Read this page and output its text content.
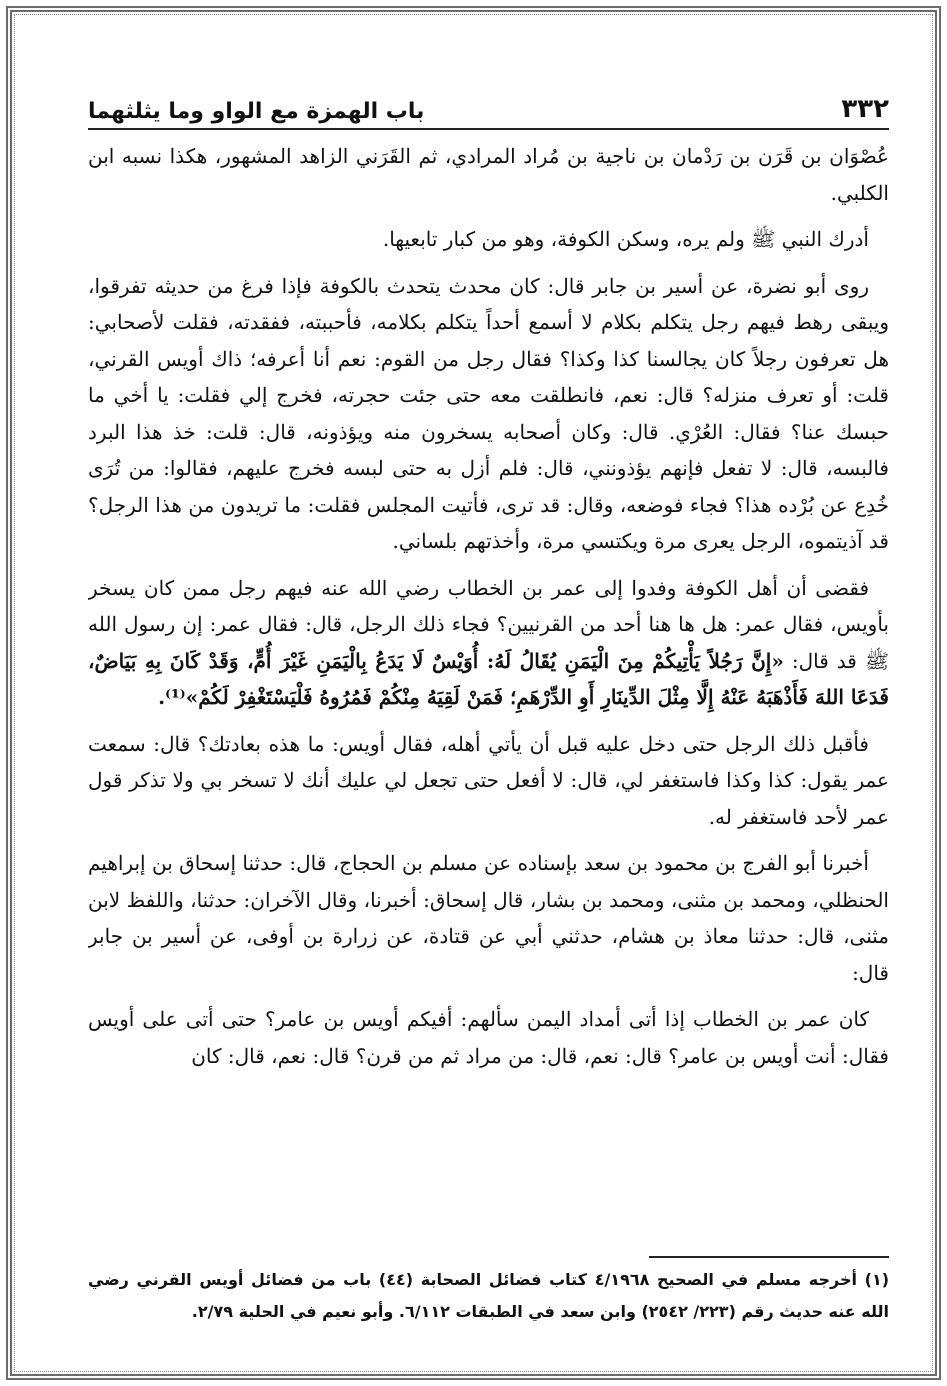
٣٣٢
باب الهمزة مع الواو وما يثلثهما

عُصْوَان بن قَرَن بن رَدْمان بن ناجية بن مُراد المرادي، ثم القَرَني الزاهد المشهور، هكذا نسبه ابن الكلبي.

أدرك النبي ﷺ ولم يره، وسكن الكوفة، وهو من كبار تابعيها.

روى أبو نضرة، عن أسير بن جابر قال: كان محدث يتحدث بالكوفة فإذا فرغ من حديثه تفرقوا، ويبقى رهط فيهم رجل يتكلم بكلام لا أسمع أحداً يتكلم بكلامه، فأحببته، ففقدته، فقلت لأصحابي: هل تعرفون رجلاً كان يجالسنا كذا وكذا؟ فقال رجل من القوم: نعم أنا أعرفه؛ ذاك أويس القرني، قلت: أو تعرف منزله؟ قال: نعم، فانطلقت معه حتى جئت حجرته، فخرج إلي فقلت: يا أخي ما حبسك عنا؟ فقال: العُرْي. قال: وكان أصحابه يسخرون منه ويؤذونه، قال: قلت: خذ هذا البرد فالبسه، قال: لا تفعل فإنهم يؤذونني، قال: فلم أزل به حتى لبسه فخرج عليهم، فقالوا: من تُرَى خُدِع عن بُرْده هذا؟ فجاء فوضعه، وقال: قد ترى، فأتيت المجلس فقلت: ما تريدون من هذا الرجل؟ قد آذيتموه، الرجل يعرى مرة ويكتسي مرة، وأخذتهم بلساني.

فقضى أن أهل الكوفة وفدوا إلى عمر بن الخطاب رضي الله عنه فيهم رجل ممن كان يسخر بأويس، فقال عمر: هل ها هنا أحد من القرنيين؟ فجاء ذلك الرجل، قال: فقال عمر: إن رسول الله ﷺ قد قال: «إِنَّ رَجُلاً يَأْتِيكُمْ مِنَ الْيَمَنِ يُقَالُ لَهُ: أُوَيْسٌ لَا يَدَعُ بِالْيَمَنِ غَيْرَ أُمٍّ، وَقَدْ كَانَ بِهِ بَيَاضٌ، فَدَعَا اللهَ فَأَذْهَبَهُ عَنْهُ إِلَّا مِثْلَ الدِّينَارِ أَوِ الدِّرْهَمِ؛ فَمَنْ لَقِيَهُ مِنْكُمْ فَمُرُوهُ فَلْيَسْتَغْفِرْ لَكُمْ»⁽¹⁾.

فأقبل ذلك الرجل حتى دخل عليه قبل أن يأتي أهله، فقال أويس: ما هذه بعادتك؟ قال: سمعت عمر يقول: كذا وكذا فاستغفر لي، قال: لا أفعل حتى تجعل لي عليك أنك لا تسخر بي ولا تذكر قول عمر لأحد فاستغفر له.

أخبرنا أبو الفرج بن محمود بن سعد بإسناده عن مسلم بن الحجاج، قال: حدثنا إسحاق بن إبراهيم الحنظلي، ومحمد بن مثنى، ومحمد بن بشار، قال إسحاق: أخبرنا، وقال الآخران: حدثنا، واللفظ لابن مثنى، قال: حدثنا معاذ بن هشام، حدثني أبي عن قتادة، عن زرارة بن أوفى، عن أسير بن جابر قال:

كان عمر بن الخطاب إذا أتى أمداد اليمن سألهم: أفيكم أويس بن عامر؟ حتى أتى على أويس فقال: أنت أويس بن عامر؟ قال: نعم، قال: من مراد ثم من قرن؟ قال: نعم، قال: كان

(١) أخرجه مسلم في الصحيح ٤/١٩٦٨ كتاب فضائل الصحابة (٤٤) باب من فضائل أويس القرني رضي الله عنه حديث رقم (٢٢٣/ ٢٥٤٢) وابن سعد في الطبقات ٦/١١٢. وأبو نعيم في الحلية ٢/٧٩.
